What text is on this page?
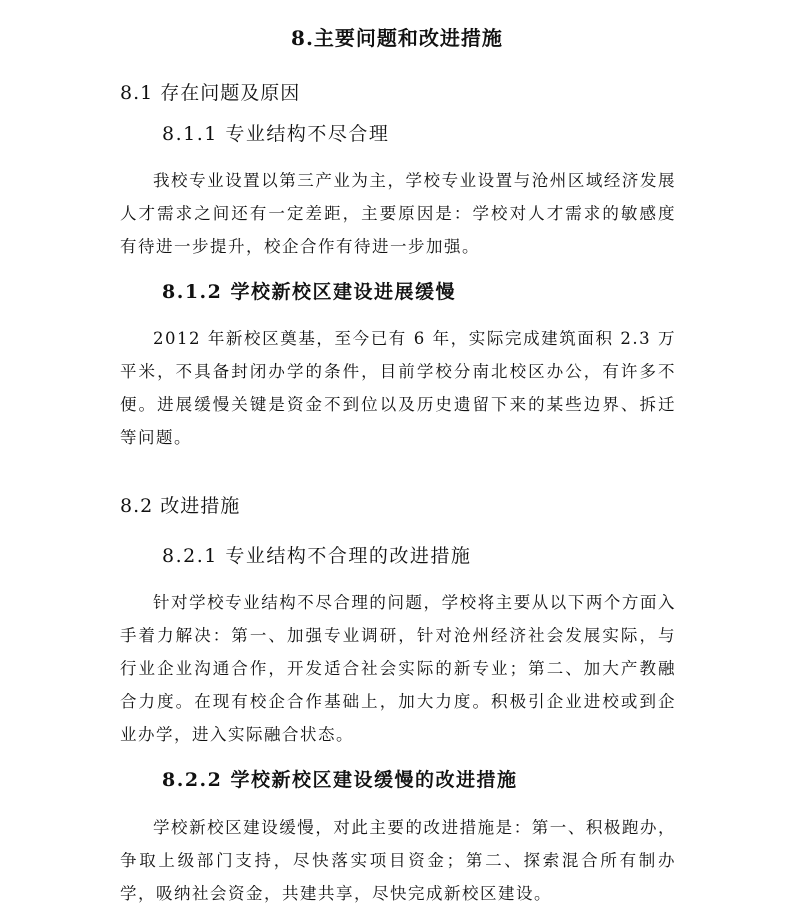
8.主要问题和改进措施
8.1 存在问题及原因
8.1.1 专业结构不尽合理
我校专业设置以第三产业为主，学校专业设置与沧州区域经济发展人才需求之间还有一定差距，主要原因是：学校对人才需求的敏感度有待进一步提升，校企合作有待进一步加强。
8.1.2 学校新校区建设进展缓慢
2012 年新校区奠基，至今已有 6 年，实际完成建筑面积 2.3 万平米，不具备封闭办学的条件，目前学校分南北校区办公，有许多不便。进展缓慢关键是资金不到位以及历史遗留下来的某些边界、拆迁等问题。
8.2 改进措施
8.2.1 专业结构不合理的改进措施
针对学校专业结构不尽合理的问题，学校将主要从以下两个方面入手着力解决：第一、加强专业调研，针对沧州经济社会发展实际，与行业企业沟通合作，开发适合社会实际的新专业；第二、加大产教融合力度。在现有校企合作基础上，加大力度。积极引企业进校或到企业办学，进入实际融合状态。
8.2.2 学校新校区建设缓慢的改进措施
学校新校区建设缓慢，对此主要的改进措施是：第一、积极跑办，争取上级部门支持，尽快落实项目资金；第二、探索混合所有制办学，吸纳社会资金，共建共享，尽快完成新校区建设。
